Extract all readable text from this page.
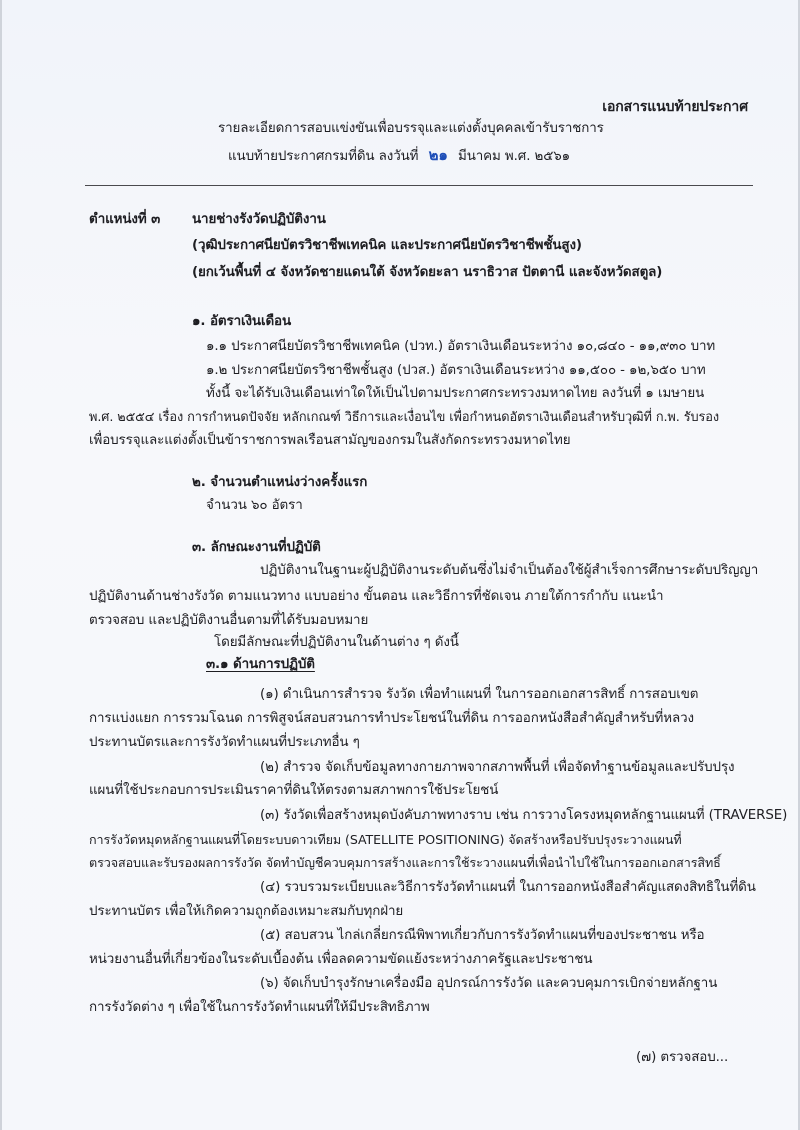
เอกสารแนบท้ายประกาศ
รายละเอียดการสอบแข่งขันเพื่อบรรจุและแต่งตั้งบุคคลเข้ารับราชการ
แนบท้ายประกาศกรมที่ดิน ลงวันที่ ๒๑ มีนาคม พ.ศ. ๒๕๖๑
ตำแหน่งที่ ๓ นายช่างรังวัดปฏิบัติงาน
(วุฒิประกาศนียบัตรวิชาชีพเทคนิค และประกาศนียบัตรวิชาชีพชั้นสูง)
(ยกเว้นพื้นที่ ๔ จังหวัดชายแดนใต้ จังหวัดยะลา นราธิวาส ปัตตานี และจังหวัดสตูล)
๑. อัตราเงินเดือน
๑.๑ ประกาศนียบัตรวิชาชีพเทคนิค (ปวท.) อัตราเงินเดือนระหว่าง ๑๐,๘๔๐ - ๑๑,๙๓๐ บาท
๑.๒ ประกาศนียบัตรวิชาชีพชั้นสูง (ปวส.) อัตราเงินเดือนระหว่าง ๑๑,๕๐๐ - ๑๒,๖๕๐ บาท
ทั้งนี้ จะได้รับเงินเดือนเท่าใดให้เป็นไปตามประกาศกระทรวงมหาดไทย ลงวันที่ ๑ เมษายน
พ.ศ. ๒๕๕๔ เรื่อง การกำหนดปัจจัย หลักเกณฑ์ วิธีการและเงื่อนไข เพื่อกำหนดอัตราเงินเดือนสำหรับวุฒิที่ ก.พ. รับรอง
เพื่อบรรจุและแต่งตั้งเป็นข้าราชการพลเรือนสามัญของกรมในสังกัดกระทรวงมหาดไทย
๒. จำนวนตำแหน่งว่างครั้งแรก
จำนวน ๖๐ อัตรา
๓. ลักษณะงานที่ปฏิบัติ
ปฏิบัติงานในฐานะผู้ปฏิบัติงานระดับต้นซึ่งไม่จำเป็นต้องใช้ผู้สำเร็จการศึกษาระดับปริญญา
ปฏิบัติงานด้านช่างรังวัด ตามแนวทาง แบบอย่าง ขั้นตอน และวิธีการที่ชัดเจน ภายใต้การกำกับ แนะนำ
ตรวจสอบ และปฏิบัติงานอื่นตามที่ได้รับมอบหมาย
โดยมีลักษณะที่ปฏิบัติงานในด้านต่าง ๆ ดังนี้
๓.๑ ด้านการปฏิบัติ
(๑) ดำเนินการสำรวจ รังวัด เพื่อทำแผนที่ ในการออกเอกสารสิทธิ์ การสอบเขต
การแบ่งแยก การรวมโฉนด การพิสูจน์สอบสวนการทำประโยชน์ในที่ดิน การออกหนังสือสำคัญสำหรับที่หลวง
ประทานบัตรและการรังวัดทำแผนที่ประเภทอื่น ๆ
(๒) สำรวจ จัดเก็บข้อมูลทางกายภาพจากสภาพพื้นที่ เพื่อจัดทำฐานข้อมูลและปรับปรุง
แผนที่ใช้ประกอบการประเมินราคาที่ดินให้ตรงตามสภาพการใช้ประโยชน์
(๓) รังวัดเพื่อสร้างหมุดบังคับภาพทางราบ เช่น การวางโครงหมุดหลักฐานแผนที่ (TRAVERSE)
การรังวัดหมุดหลักฐานแผนที่โดยระบบดาวเทียม (SATELLITE POSITIONING) จัดสร้างหรือปรับปรุงระวางแผนที่
ตรวจสอบและรับรองผลการรังวัด จัดทำบัญชีควบคุมการสร้างและการใช้ระวางแผนที่เพื่อนำไปใช้ในการออกเอกสารสิทธิ์
(๔) รวบรวมระเบียบและวิธีการรังวัดทำแผนที่ ในการออกหนังสือสำคัญแสดงสิทธิในที่ดิน
ประทานบัตร เพื่อให้เกิดความถูกต้องเหมาะสมกับทุกฝ่าย
(๕) สอบสวน ไกล่เกลี่ยกรณีพิพาทเกี่ยวกับการรังวัดทำแผนที่ของประชาชน หรือ
หน่วยงานอื่นที่เกี่ยวข้องในระดับเบื้องต้น เพื่อลดความขัดแย้งระหว่างภาครัฐและประชาชน
(๖) จัดเก็บบำรุงรักษาเครื่องมือ อุปกรณ์การรังวัด และควบคุมการเบิกจ่ายหลักฐาน
การรังวัดต่าง ๆ เพื่อใช้ในการรังวัดทำแผนที่ให้มีประสิทธิภาพ
(๗) ตรวจสอบ...
